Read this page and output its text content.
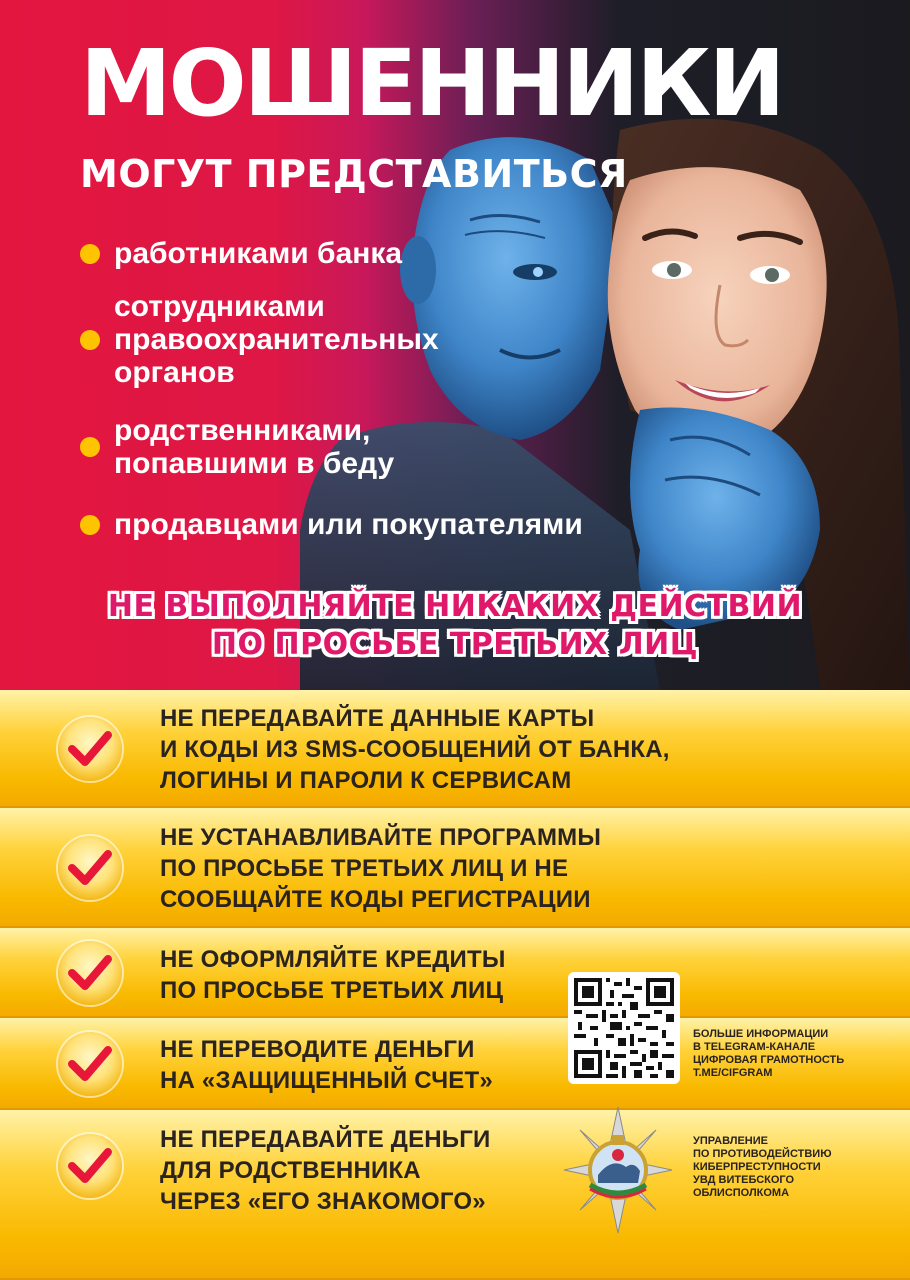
МОШЕННИКИ
МОГУТ ПРЕДСТАВИТЬСЯ
работниками банка
сотрудниками
правоохранительных
органов
родственниками,
попавшими в беду
продавцами или покупателями
НЕ ВЫПОЛНЯЙТЕ НИКАКИХ ДЕЙСТВИЙ
ПО ПРОСЬБЕ ТРЕТЬИХ ЛИЦ
НЕ ПЕРЕДАВАЙТЕ ДАННЫЕ КАРТЫ
И КОДЫ ИЗ SMS-СООБЩЕНИЙ ОТ БАНКА,
ЛОГИНЫ И ПАРОЛИ К СЕРВИСАМ
НЕ УСТАНАВЛИВАЙТЕ ПРОГРАММЫ
ПО ПРОСЬБЕ ТРЕТЬИХ ЛИЦ И НЕ
СООБЩАЙТЕ КОДЫ РЕГИСТРАЦИИ
НЕ ОФОРМЛЯЙТЕ КРЕДИТЫ
ПО ПРОСЬБЕ ТРЕТЬИХ ЛИЦ
НЕ ПЕРЕВОДИТЕ ДЕНЬГИ
НА «ЗАЩИЩЕННЫЙ СЧЕТ»
НЕ ПЕРЕДАВАЙТЕ ДЕНЬГИ
ДЛЯ РОДСТВЕННИКА
ЧЕРЕЗ «ЕГО ЗНАКОМОГО»
БОЛЬШЕ ИНФОРМАЦИИ
В TELEGRAM-КАНАЛЕ
ЦИФРОВАЯ ГРАМОТНОСТЬ
T.ME/CIFGRAM
УПРАВЛЕНИЕ
ПО ПРОТИВОДЕЙСТВИЮ
КИБЕРПРЕСТУПНОСТИ
УВД ВИТЕБСКОГО
ОБЛИСПОЛКОМА
